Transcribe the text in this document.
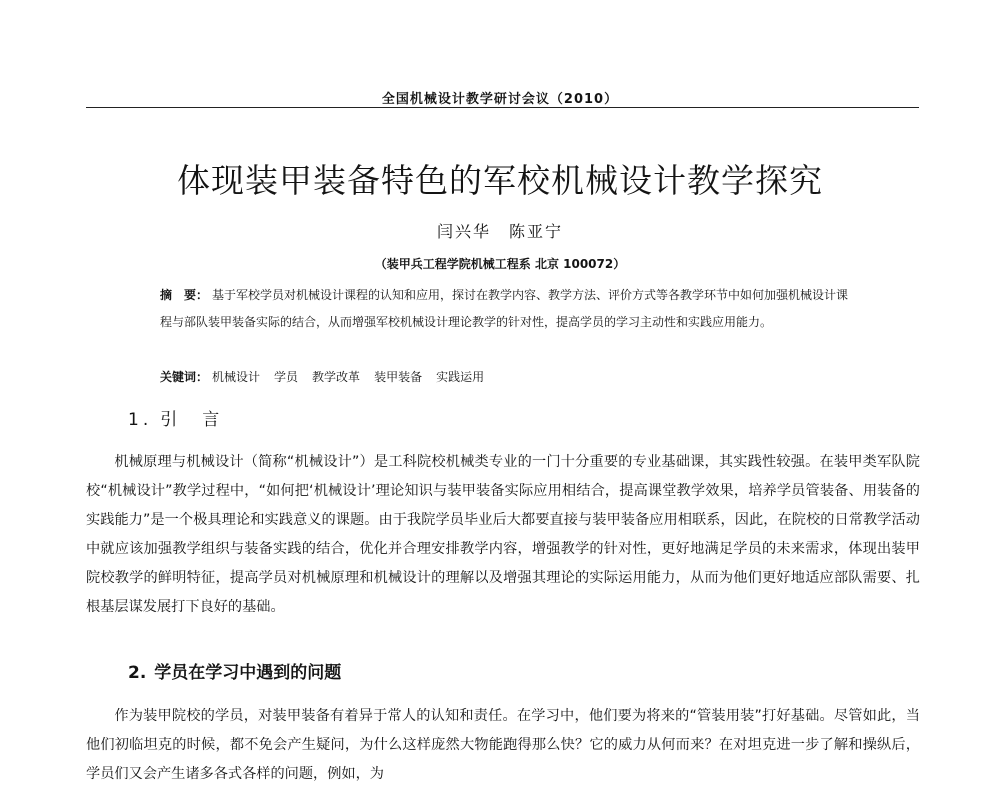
全国机械设计教学研讨会议（2010）
体现装甲装备特色的军校机械设计教学探究
闫兴华 陈亚宁
（装甲兵工程学院机械工程系 北京 100072）
摘　要： 基于军校学员对机械设计课程的认知和应用，探讨在教学内容、教学方法、评价方式等各教学环节中如何加强机械设计课程与部队装甲装备实际的结合，从而增强军校机械设计理论教学的针对性，提高学员的学习主动性和实践应用能力。
关键词： 机械设计 学员 教学改革 装甲装备 实践运用
1. 引　言
机械原理与机械设计（简称“机械设计”）是工科院校机械类专业的一门十分重要的专业基础课，其实践性较强。在装甲类军队院校“机械设计”教学过程中，“如何把‘机械设计’理论知识与装甲装备实际应用相结合，提高课堂教学效果，培养学员管装备、用装备的实践能力”是一个极具理论和实践意义的课题。由于我院学员毕业后大都要直接与装甲装备应用相联系，因此，在院校的日常教学活动中就应该加强教学组织与装备实践的结合，优化并合理安排教学内容，增强教学的针对性，更好地满足学员的未来需求，体现出装甲院校教学的鲜明特征，提高学员对机械原理和机械设计的理解以及增强其理论的实际运用能力，从而为他们更好地适应部队需要、扎根基层谋发展打下良好的基础。
2. 学员在学习中遇到的问题
作为装甲院校的学员，对装甲装备有着异于常人的认知和责任。在学习中，他们要为将来的“管装用装”打好基础。尽管如此，当他们初临坦克的时候，都不免会产生疑问，为什么这样庞然大物能跑得那么快？它的威力从何而来？在对坦克进一步了解和操纵后，学员们又会产生诸多各式各样的问题，例如，为
